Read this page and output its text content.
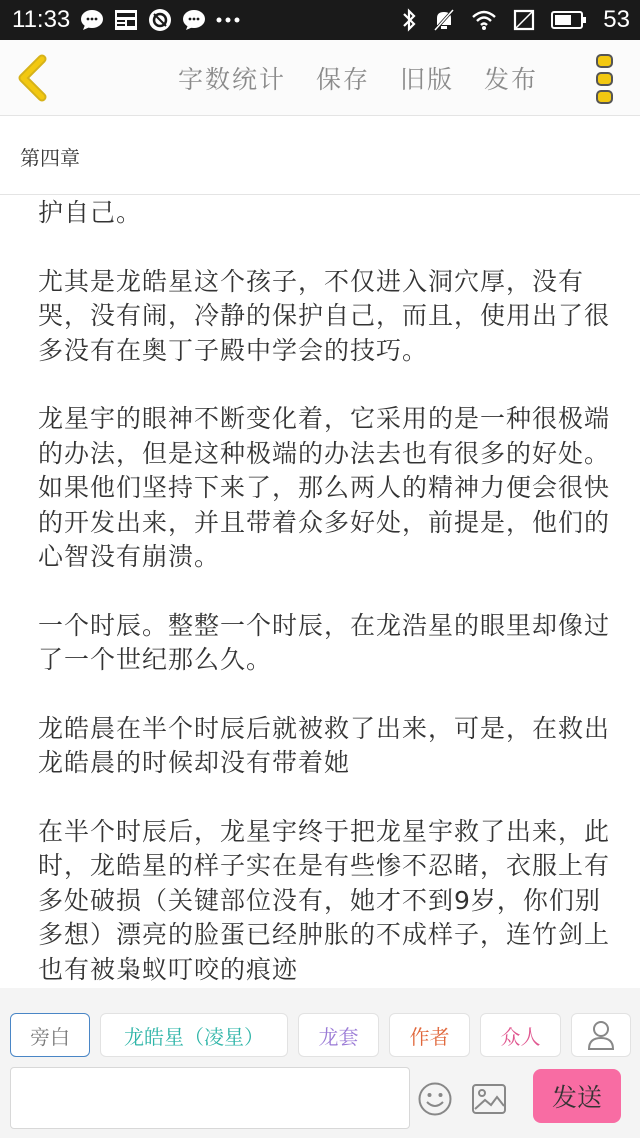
11:33	53
字数统计 保存 旧版 发布
第四章

护自己。

尤其是龙皓星这个孩子，不仅进入洞穴厚，没有哭，没有闹，冷静的保护自己，而且，使用出了很多没有在奥丁子殿中学会的技巧。

龙星宇的眼神不断变化着，它采用的是一种很极端的办法，但是这种极端的办法去也有很多的好处。如果他们坚持下来了，那么两人的精神力便会很快的开发出来，并且带着众多好处，前提是，他们的心智没有崩溃。

一个时辰。整整一个时辰，在龙浩星的眼里却像过了一个世纪那么久。

龙皓晨在半个时辰后就被救了出来，可是，在救出龙皓晨的时候却没有带着她

在半个时辰后，龙星宇终于把龙星宇救了出来，此时，龙皓星的样子实在是有些惨不忍睹，衣服上有多处破损（关键部位没有，她才不到9岁，你们别多想）漂亮的脸蛋已经肿胀的不成样子，连竹剑上也有被枭蚁叮咬的痕迹

旁白	龙皓星（凌星）	龙套	作者	众人
发送
